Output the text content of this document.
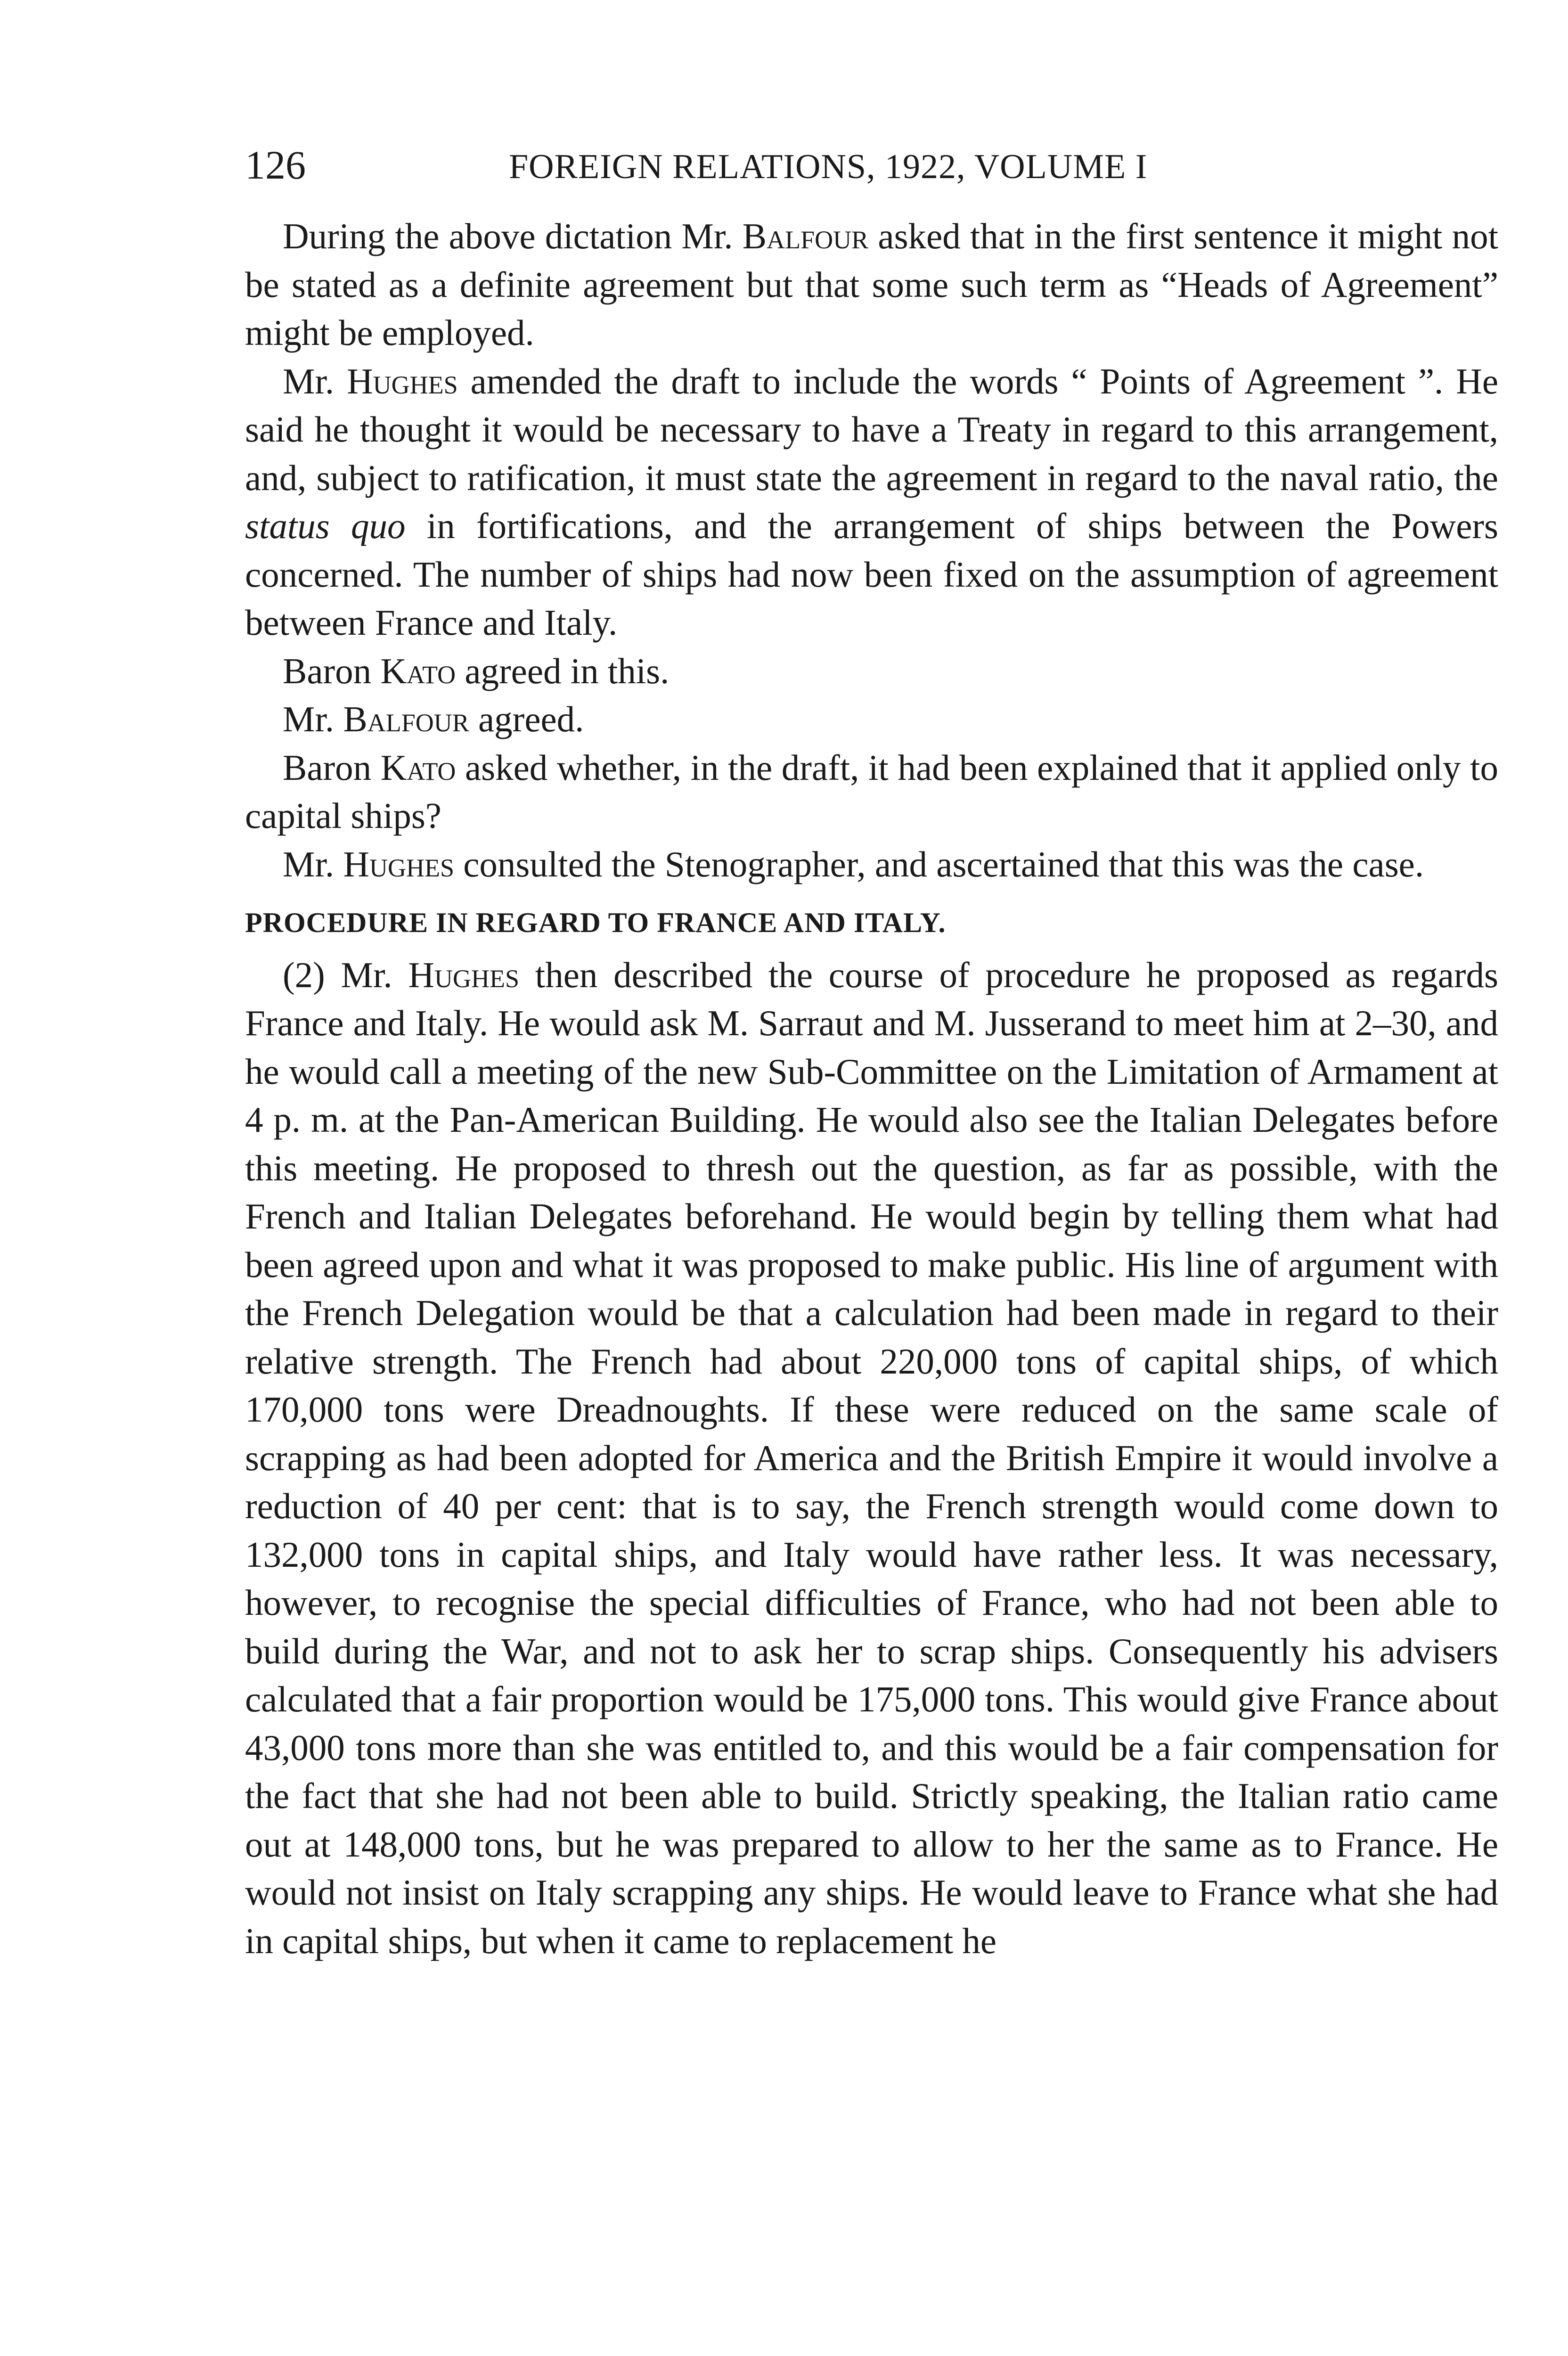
126	FOREIGN RELATIONS, 1922, VOLUME I

During the above dictation Mr. Balfour asked that in the first sentence it might not be stated as a definite agreement but that some such term as “Heads of Agreement” might be employed.

Mr. Hughes amended the draft to include the words “ Points of Agreement ”. He said he thought it would be necessary to have a Treaty in regard to this arrangement, and, subject to ratification, it must state the agreement in regard to the naval ratio, the status quo in fortifications, and the arrangement of ships between the Powers concerned. The number of ships had now been fixed on the assumption of agreement between France and Italy.

Baron Kato agreed in this.

Mr. Balfour agreed.

Baron Kato asked whether, in the draft, it had been explained that it applied only to capital ships?

Mr. Hughes consulted the Stenographer, and ascertained that this was the case.

PROCEDURE IN REGARD TO FRANCE AND ITALY.

(2) Mr. Hughes then described the course of procedure he proposed as regards France and Italy. He would ask M. Sarraut and M. Jusserand to meet him at 2–30, and he would call a meeting of the new Sub-Committee on the Limitation of Armament at 4 p. m. at the Pan-American Building. He would also see the Italian Delegates before this meeting. He proposed to thresh out the question, as far as possible, with the French and Italian Delegates beforehand. He would begin by telling them what had been agreed upon and what it was proposed to make public. His line of argument with the French Delegation would be that a calculation had been made in regard to their relative strength. The French had about 220,000 tons of capital ships, of which 170,000 tons were Dreadnoughts. If these were reduced on the same scale of scrapping as had been adopted for America and the British Empire it would involve a reduction of 40 per cent: that is to say, the French strength would come down to 132,000 tons in capital ships, and Italy would have rather less. It was necessary, however, to recognise the special difficulties of France, who had not been able to build during the War, and not to ask her to scrap ships. Consequently his advisers calculated that a fair proportion would be 175,000 tons. This would give France about 43,000 tons more than she was entitled to, and this would be a fair compensation for the fact that she had not been able to build. Strictly speaking, the Italian ratio came out at 148,000 tons, but he was prepared to allow to her the same as to France. He would not insist on Italy scrapping any ships. He would leave to France what she had in capital ships, but when it came to replacement he
